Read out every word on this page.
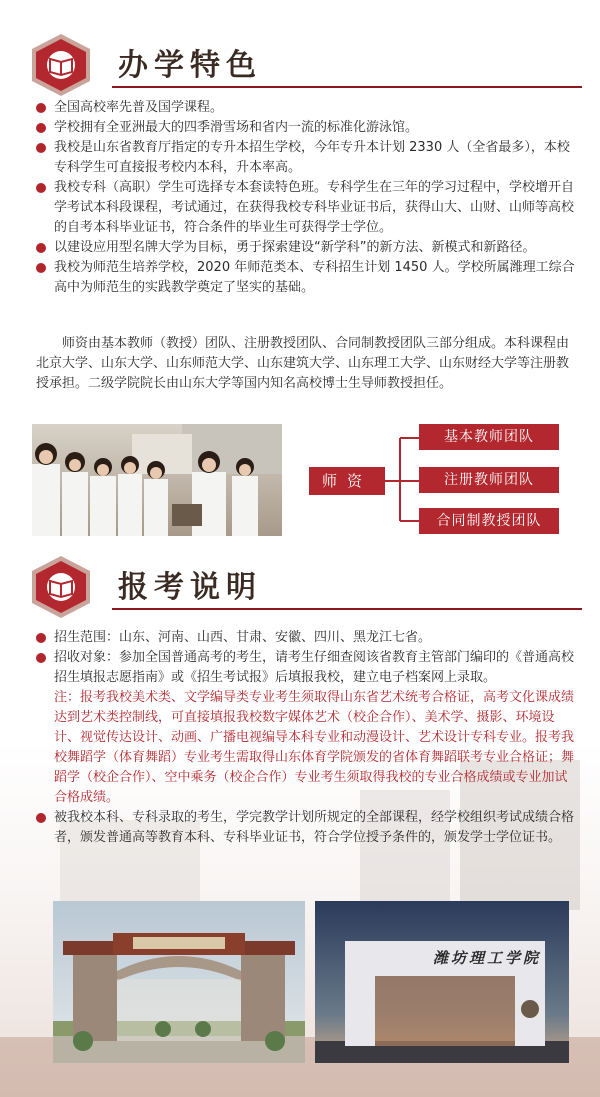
办学特色
全国高校率先普及国学课程。
学校拥有全亚洲最大的四季滑雪场和省内一流的标准化游泳馆。
我校是山东省教育厅指定的专升本招生学校，今年专升本计划 2330 人（全省最多），本校专科学生可直接报考校内本科，升本率高。
我校专科（高职）学生可选择专本套读特色班。专科学生在三年的学习过程中，学校增开自学考试本科段课程，考试通过，在获得我校专科毕业证书后，获得山大、山财、山师等高校的自考本科毕业证书，符合条件的毕业生可获得学士学位。
以建设应用型名牌大学为目标，勇于探索建设“新学科”的新方法、新模式和新路径。
我校为师范生培养学校，2020 年师范类本、专科招生计划 1450 人。学校所属潍理工综合高中为师范生的实践教学奠定了坚实的基础。
师资由基本教师（教授）团队、注册教授团队、合同制教授团队三部分组成。本科课程由北京大学、山东大学、山东师范大学、山东建筑大学、山东理工大学、山东财经大学等注册教授承担。二级学院院长由山东大学等国内知名高校博士生导师教授担任。
师资
基本教师团队
注册教师团队
合同制教授团队
报考说明
招生范围：山东、河南、山西、甘肃、安徽、四川、黑龙江七省。
招收对象：参加全国普通高考的考生，请考生仔细查阅该省教育主管部门编印的《普通高校招生填报志愿指南》或《招生考试报》后填报我校，建立电子档案网上录取。
注：报考我校美术类、文学编导类专业考生须取得山东省艺术统考合格证，高考文化课成绩达到艺术类控制线，可直接填报我校数字媒体艺术（校企合作）、美术学、摄影、环境设计、视觉传达设计、动画、广播电视编导本科专业和动漫设计、艺术设计专科专业。报考我校舞蹈学（体育舞蹈）专业考生需取得山东体育学院颁发的省体育舞蹈联考专业合格证；舞蹈学（校企合作）、空中乘务（校企合作）专业考生须取得我校的专业合格成绩或专业加试合格成绩。
被我校本科、专科录取的考生，学完教学计划所规定的全部课程，经学校组织考试成绩合格者，颁发普通高等教育本科、专科毕业证书，符合学位授予条件的，颁发学士学位证书。
潍坊理工学院
